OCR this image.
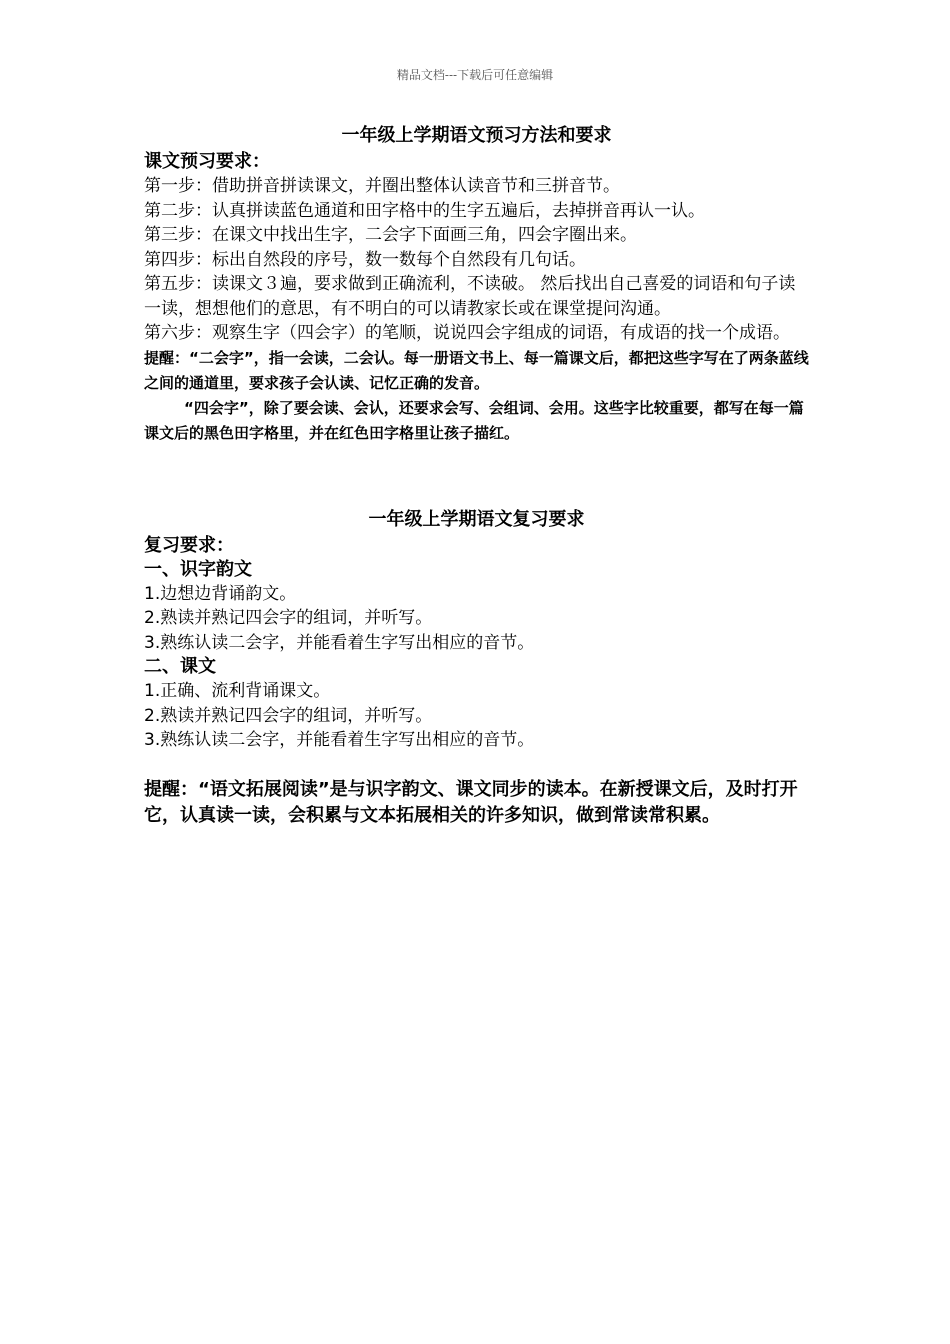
精品文档---下载后可任意编辑
一年级上学期语文预习方法和要求
课文预习要求：
第一步：借助拼音拼读课文，并圈出整体认读音节和三拼音节。
第二步：认真拼读蓝色通道和田字格中的生字五遍后，去掉拼音再认一认。
第三步：在课文中找出生字，二会字下面画三角，四会字圈出来。
第四步：标出自然段的序号，数一数每个自然段有几句话。
第五步：读课文３遍，要求做到正确流利，不读破。 然后找出自己喜爱的词语和句子读一读，想想他们的意思，有不明白的可以请教家长或在课堂提问沟通。
第六步：观察生字（四会字）的笔顺，说说四会字组成的词语，有成语的找一个成语。
提醒：“二会字”，指一会读，二会认。每一册语文书上、每一篇课文后，都把这些字写在了两条蓝线之间的通道里，要求孩子会认读、记忆正确的发音。
“四会字”，除了要会读、会认，还要求会写、会组词、会用。这些字比较重要，都写在每一篇课文后的黑色田字格里，并在红色田字格里让孩子描红。
一年级上学期语文复习要求
复习要求：
一、识字韵文
1.边想边背诵韵文。
2.熟读并熟记四会字的组词，并听写。
3.熟练认读二会字，并能看着生字写出相应的音节。
二、课文
1.正确、流利背诵课文。
2.熟读并熟记四会字的组词，并听写。
3.熟练认读二会字，并能看着生字写出相应的音节。
提醒：“语文拓展阅读”是与识字韵文、课文同步的读本。在新授课文后，及时打开它，认真读一读，会积累与文本拓展相关的许多知识，做到常读常积累。
